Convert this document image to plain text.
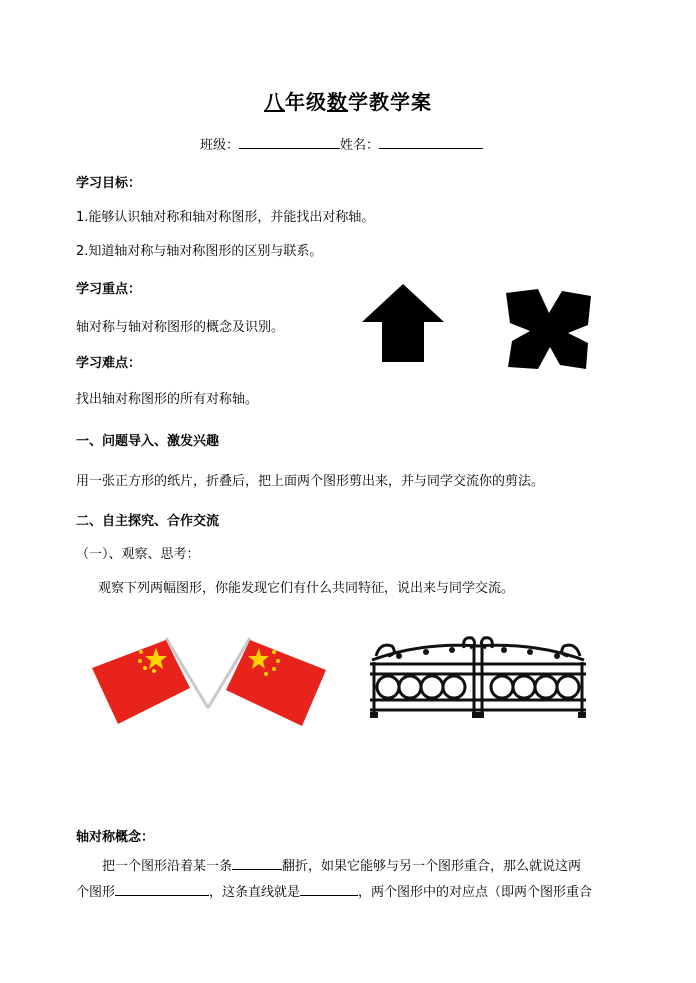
八年级数学教学案
班级：	姓名：
学习目标：
1.能够认识轴对称和轴对称图形，并能找出对称轴。
2.知道轴对称与轴对称图形的区别与联系。
学习重点：
轴对称与轴对称图形的概念及识别。
学习难点：
找出轴对称图形的所有对称轴。
一、问题导入、激发兴趣
用一张正方形的纸片，折叠后，把上面两个图形剪出来，并与同学交流你的剪法。
二、自主探究、合作交流
（一）、观察、思考：
观察下列两幅图形，你能发现它们有什么共同特征，说出来与同学交流。
轴对称概念：
把一个图形沿着某一条	翻折，如果它能够与另一个图形重合，那么就说这两
个图形	，这条直线就是	，两个图形中的对应点（即两个图形重合
